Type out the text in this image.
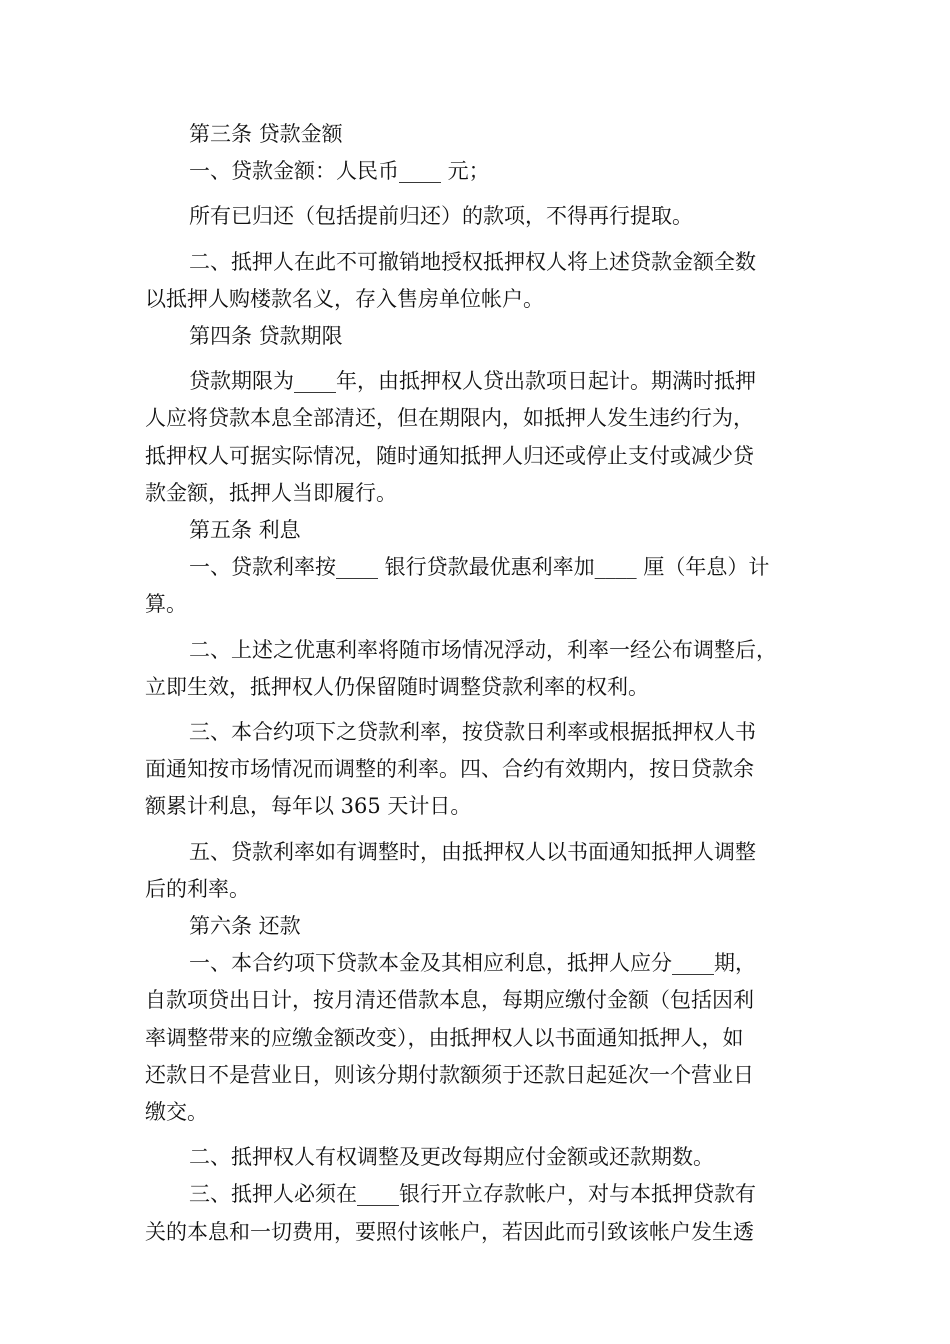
第三条 贷款金额
一、贷款金额：人民币____ 元；
所有已归还（包括提前归还）的款项，不得再行提取。
二、抵押人在此不可撤销地授权抵押权人将上述贷款金额全数
以抵押人购楼款名义，存入售房单位帐户。
第四条 贷款期限
贷款期限为____年，由抵押权人贷出款项日起计。期满时抵押
人应将贷款本息全部清还，但在期限内，如抵押人发生违约行为，
抵押权人可据实际情况，随时通知抵押人归还或停止支付或减少贷
款金额，抵押人当即履行。
第五条 利息
一、贷款利率按____ 银行贷款最优惠利率加____ 厘（年息）计
算。
二、上述之优惠利率将随市场情况浮动，利率一经公布调整后，
立即生效，抵押权人仍保留随时调整贷款利率的权利。
三、本合约项下之贷款利率，按贷款日利率或根据抵押权人书
面通知按市场情况而调整的利率。四、合约有效期内，按日贷款余
额累计利息，每年以 365 天计日。
五、贷款利率如有调整时，由抵押权人以书面通知抵押人调整
后的利率。
第六条 还款
一、本合约项下贷款本金及其相应利息，抵押人应分____期，
自款项贷出日计，按月清还借款本息，每期应缴付金额（包括因利
率调整带来的应缴金额改变），由抵押权人以书面通知抵押人，如
还款日不是营业日，则该分期付款额须于还款日起延次一个营业日
缴交。
二、抵押权人有权调整及更改每期应付金额或还款期数。
三、抵押人必须在____银行开立存款帐户，对与本抵押贷款有
关的本息和一切费用，要照付该帐户，若因此而引致该帐户发生透
